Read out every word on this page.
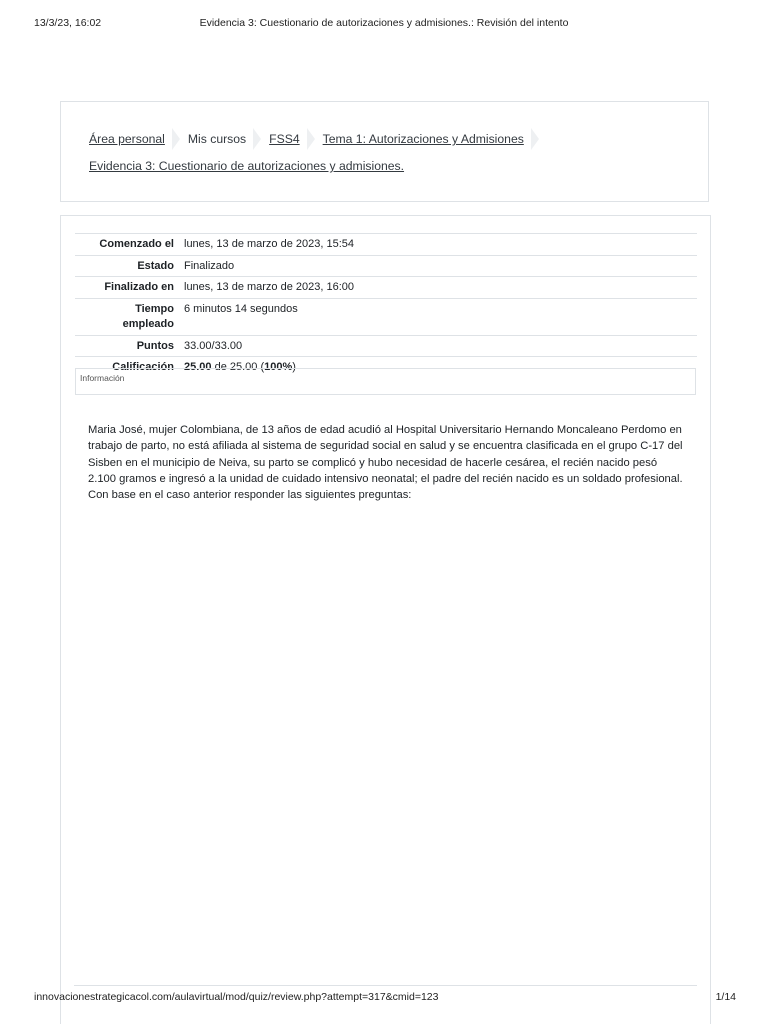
13/3/23, 16:02	Evidencia 3: Cuestionario de autorizaciones y admisiones.: Revisión del intento
Área personal Mis cursos FSS4 Tema 1: Autorizaciones y Admisiones
Evidencia 3: Cuestionario de autorizaciones y admisiones.
Comenzado el	lunes, 13 de marzo de 2023, 15:54
Estado	Finalizado
Finalizado en	lunes, 13 de marzo de 2023, 16:00
Tiempo
empleado	6 minutos 14 segundos
Puntos	33.00/33.00
Calificación	25.00 de 25.00 (100%)
Información

Maria José, mujer Colombiana, de 13 años de edad acudió al Hospital Universitario Hernando Moncaleano Perdomo en trabajo de parto, no está afiliada al sistema de seguridad social en salud y se encuentra clasificada en el grupo C-17 del Sisben en el municipio de Neiva, su parto se complicó y hubo necesidad de hacerle cesárea, el recién nacido pesó 2.100 gramos e ingresó a la unidad de cuidado intensivo neonatal; el padre del recién nacido es un soldado profesional. Con base en el caso anterior responder las siguientes preguntas:

innovacionestrategicacol.com/aulavirtual/mod/quiz/review.php?attempt=317&cmid=123	1/14
